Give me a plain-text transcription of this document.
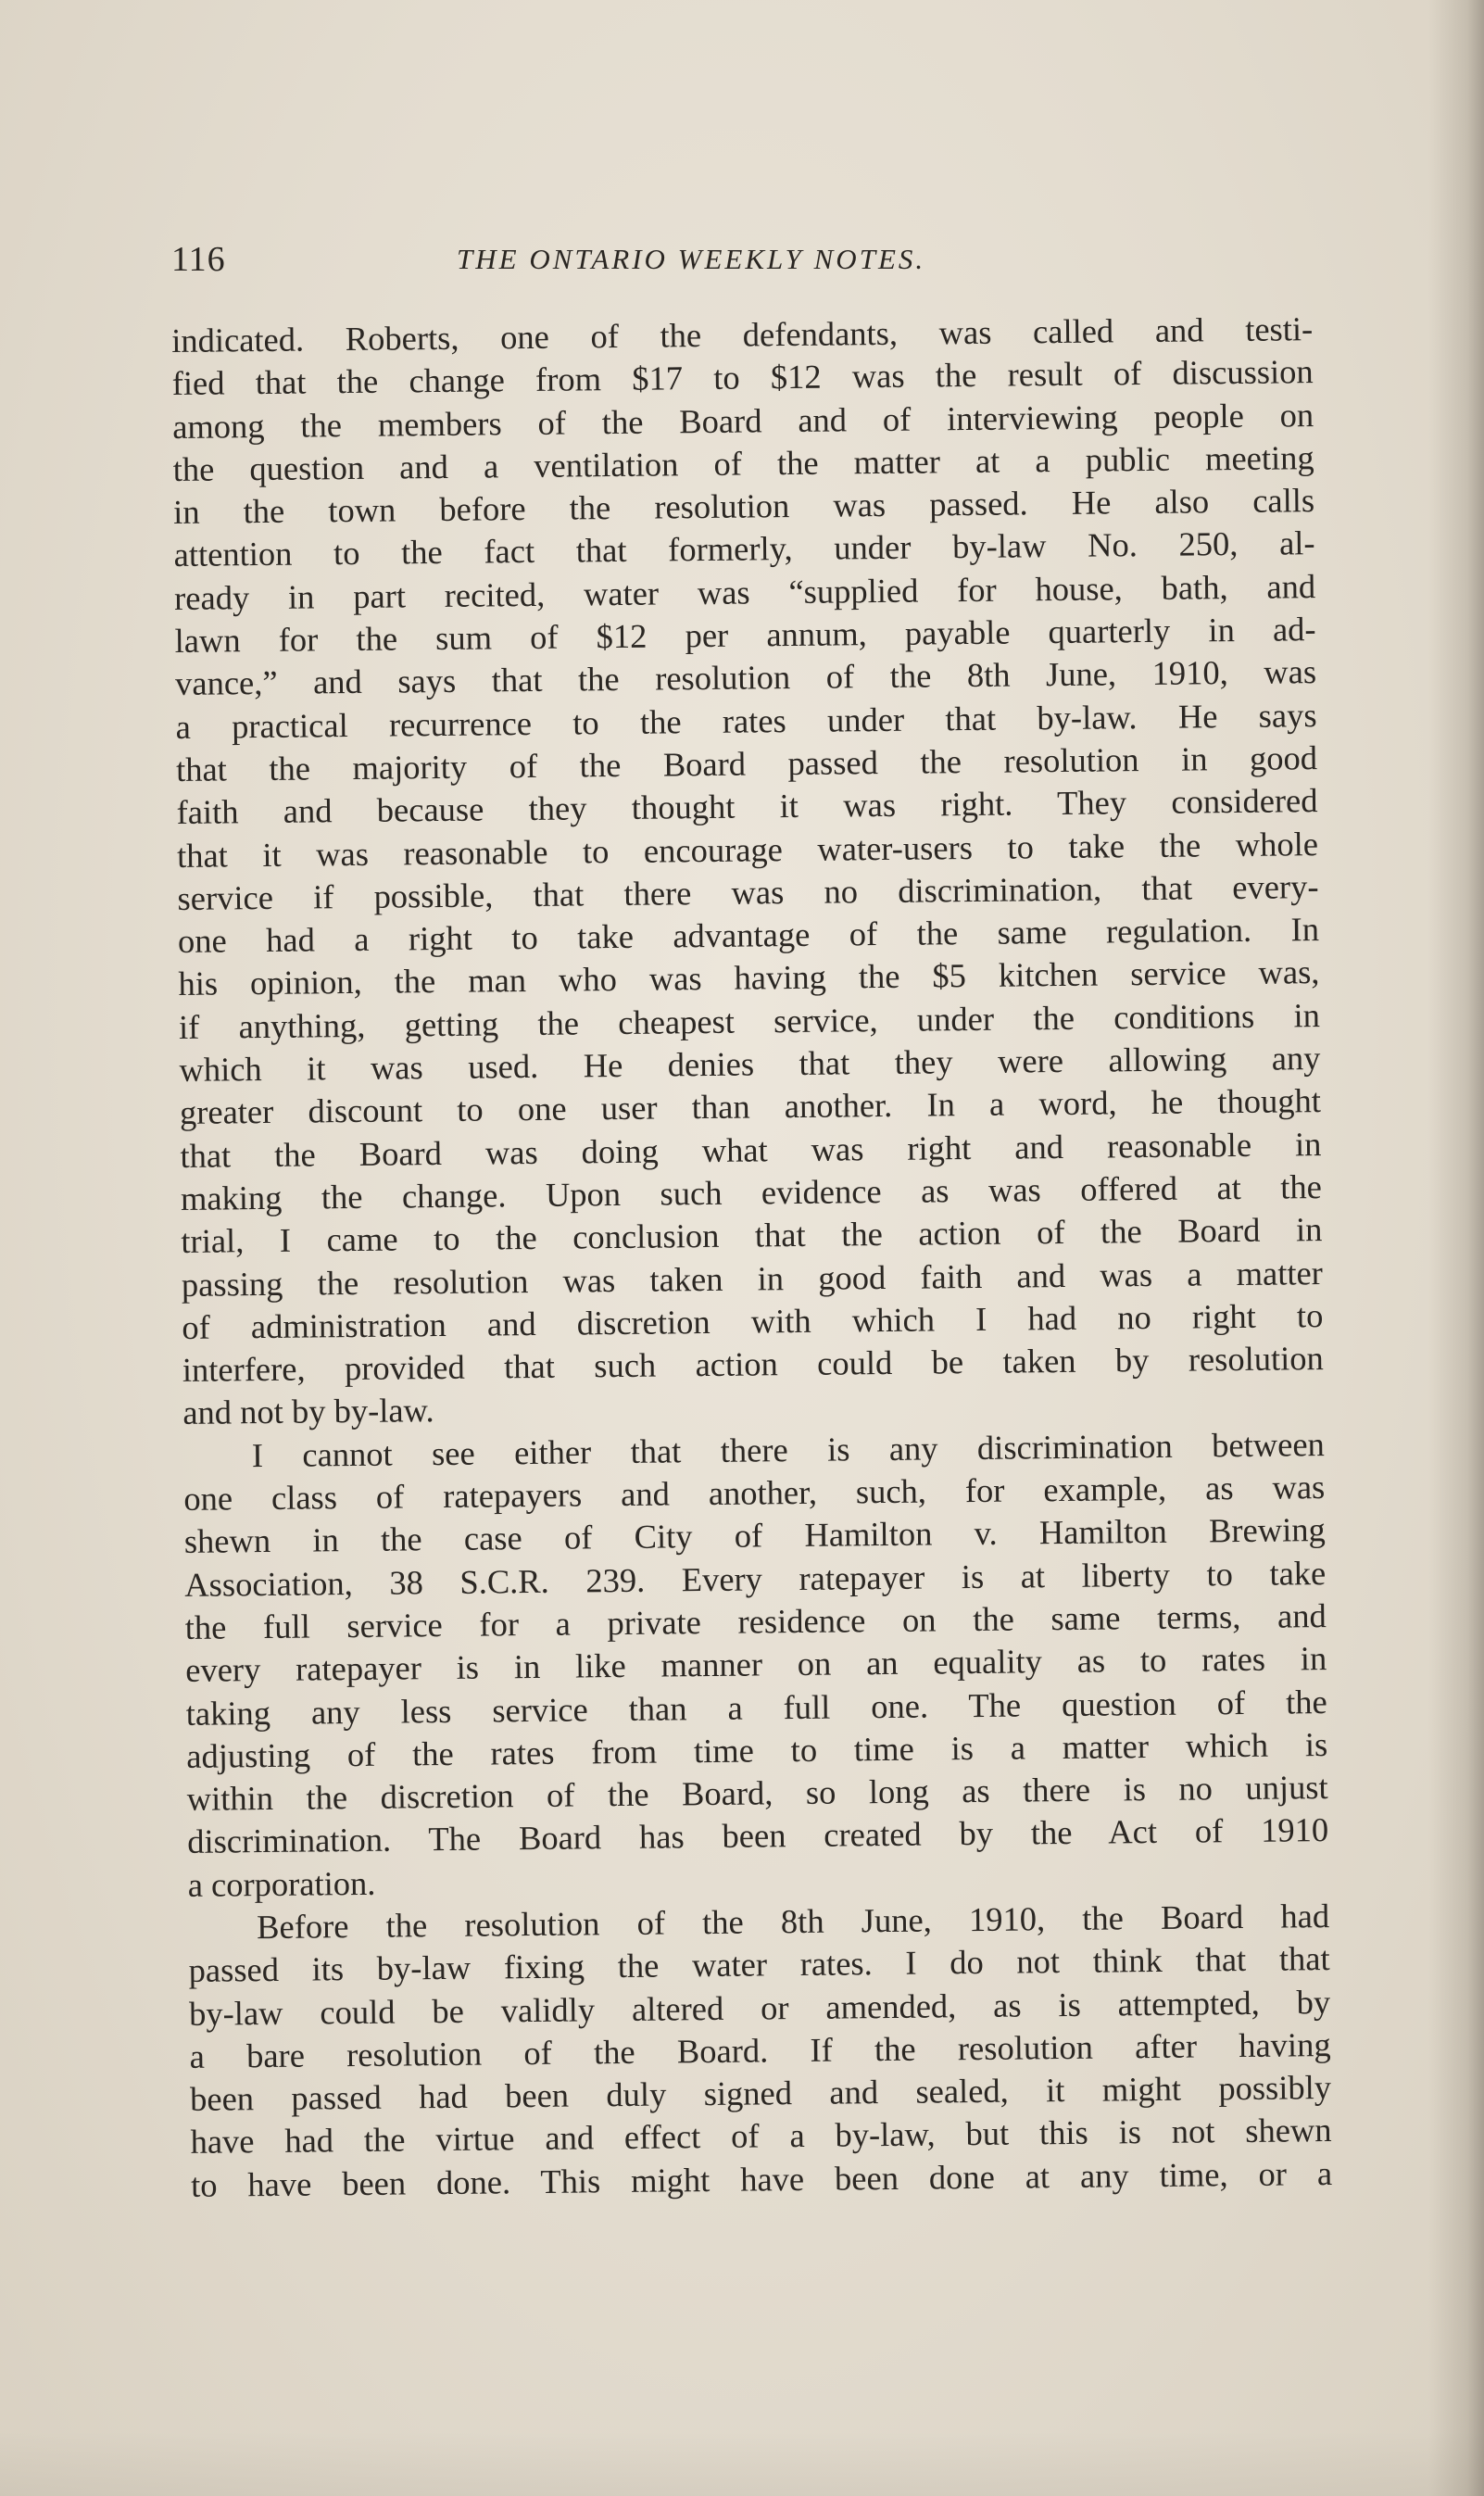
116	THE ONTARIO WEEKLY NOTES.
indicated. Roberts, one of the defendants, was called and testi-
fied that the change from $17 to $12 was the result of discussion
among the members of the Board and of interviewing people on
the question and a ventilation of the matter at a public meeting
in the town before the resolution was passed. He also calls
attention to the fact that formerly, under by-law No. 250, al-
ready in part recited, water was “supplied for house, bath, and
lawn for the sum of $12 per annum, payable quarterly in ad-
vance,” and says that the resolution of the 8th June, 1910, was
a practical recurrence to the rates under that by-law. He says
that the majority of the Board passed the resolution in good
faith and because they thought it was right. They considered
that it was reasonable to encourage water-users to take the whole
service if possible, that there was no discrimination, that every-
one had a right to take advantage of the same regulation. In
his opinion, the man who was having the $5 kitchen service was,
if anything, getting the cheapest service, under the conditions in
which it was used. He denies that they were allowing any
greater discount to one user than another. In a word, he thought
that the Board was doing what was right and reasonable in
making the change. Upon such evidence as was offered at the
trial, I came to the conclusion that the action of the Board in
passing the resolution was taken in good faith and was a matter
of administration and discretion with which I had no right to
interfere, provided that such action could be taken by resolution
and not by by-law.
I cannot see either that there is any discrimination between
one class of ratepayers and another, such, for example, as was
shewn in the case of City of Hamilton v. Hamilton Brewing
Association, 38 S.C.R. 239. Every ratepayer is at liberty to take
the full service for a private residence on the same terms, and
every ratepayer is in like manner on an equality as to rates in
taking any less service than a full one. The question of the
adjusting of the rates from time to time is a matter which is
within the discretion of the Board, so long as there is no unjust
discrimination. The Board has been created by the Act of 1910
a corporation.
Before the resolution of the 8th June, 1910, the Board had
passed its by-law fixing the water rates. I do not think that that
by-law could be validly altered or amended, as is attempted, by
a bare resolution of the Board. If the resolution after having
been passed had been duly signed and sealed, it might possibly
have had the virtue and effect of a by-law, but this is not shewn
to have been done. This might have been done at any time, or a
